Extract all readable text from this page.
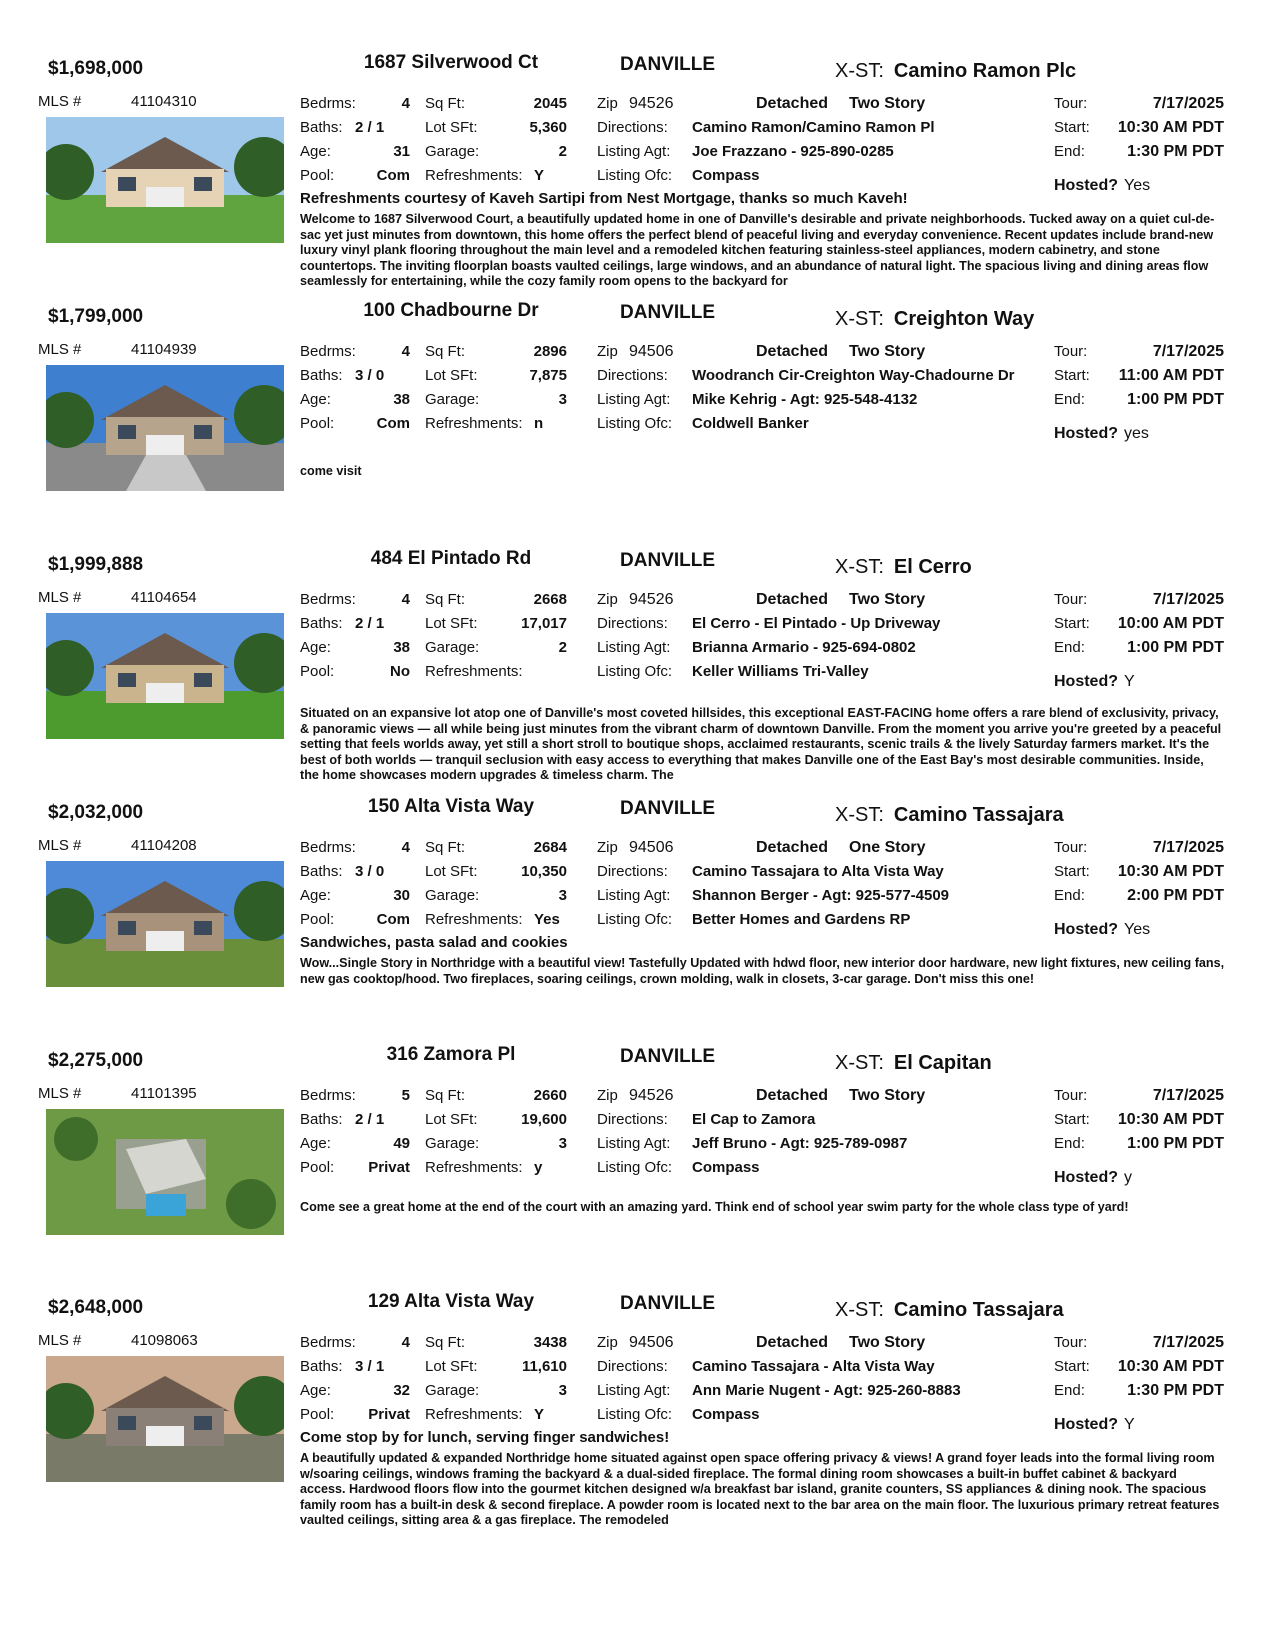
$1,698,000	1687 Silverwood Ct	DANVILLE	X-ST: Camino Ramon Plc
MLS #	41104310	Bedrms:	4
Baths: 2 / 1
Age:	31
Pool:	Com
Sq Ft:	2045
Lot SFt:	5,360
Garage:	2
Refreshments: Y
Zip 94526	Detached Two Story
Directions: Camino Ramon/Camino Ramon Pl
Listing Agt: Joe Frazzano - 925-890-0285
Listing Ofc: Compass
Tour:	7/17/2025
Start:	10:30 AM PDT
End:	1:30 PM PDT
Hosted? Yes
Refreshments courtesy of Kaveh Sartipi from Nest Mortgage, thanks so much Kaveh!
Welcome to 1687 Silverwood Court, a beautifully updated home in one of Danville's desirable and private neighborhoods. Tucked away on a quiet cul-de-sac yet just minutes from downtown, this home offers the perfect blend of peaceful living and everyday convenience. Recent updates include brand-new luxury vinyl plank flooring throughout the main level and a remodeled kitchen featuring stainless-steel appliances, modern cabinetry, and stone countertops. The inviting floorplan boasts vaulted ceilings, large windows, and an abundance of natural light. The spacious living and dining areas flow seamlessly for entertaining, while the cozy family room opens to the backyard for
$1,799,000	100 Chadbourne Dr	DANVILLE	X-ST: Creighton Way
MLS #	41104939	Bedrms:	4
Baths: 3 / 0
Age:	38
Pool:	Com
Sq Ft:	2896
Lot SFt:	7,875
Garage:	3
Refreshments: n
Zip 94506	Detached Two Story
Directions: Woodranch Cir-Creighton Way-Chadourne Dr
Listing Agt: Mike Kehrig - Agt: 925-548-4132
Listing Ofc: Coldwell Banker
Tour:	7/17/2025
Start:	11:00 AM PDT
End:	1:00 PM PDT
Hosted? yes
come visit
$1,999,888	484 El Pintado Rd	DANVILLE	X-ST: El Cerro
MLS #	41104654	Bedrms:	4
Baths: 2 / 1
Age:	38
Pool:	No
Sq Ft:	2668
Lot SFt:	17,017
Garage:	2
Refreshments:
Zip 94526	Detached Two Story
Directions: El Cerro - El Pintado - Up Driveway
Listing Agt: Brianna Armario - 925-694-0802
Listing Ofc: Keller Williams Tri-Valley
Tour:	7/17/2025
Start:	10:00 AM PDT
End:	1:00 PM PDT
Hosted? Y
Situated on an expansive lot atop one of Danville's most coveted hillsides, this exceptional EAST-FACING home offers a rare blend of exclusivity, privacy, & panoramic views — all while being just minutes from the vibrant charm of downtown Danville. From the moment you arrive you're greeted by a peaceful setting that feels worlds away, yet still a short stroll to boutique shops, acclaimed restaurants, scenic trails & the lively Saturday farmers market. It's the best of both worlds — tranquil seclusion with easy access to everything that makes Danville one of the East Bay's most desirable communities. Inside, the home showcases modern upgrades & timeless charm. The
$2,032,000	150 Alta Vista Way	DANVILLE	X-ST: Camino Tassajara
MLS #	41104208	Bedrms:	4
Baths: 3 / 0
Age:	30
Pool:	Com
Sq Ft:	2684
Lot SFt:	10,350
Garage:	3
Refreshments: Yes
Zip 94506	Detached One Story
Directions: Camino Tassajara to Alta Vista Way
Listing Agt: Shannon Berger - Agt: 925-577-4509
Listing Ofc: Better Homes and Gardens RP
Tour:	7/17/2025
Start:	10:30 AM PDT
End:	2:00 PM PDT
Hosted? Yes
Sandwiches, pasta salad and cookies
Wow...Single Story in Northridge with a beautiful view! Tastefully Updated with hdwd floor, new interior door hardware, new light fixtures, new ceiling fans, new gas cooktop/hood. Two fireplaces, soaring ceilings, crown molding, walk in closets, 3-car garage. Don't miss this one!
$2,275,000	316 Zamora Pl	DANVILLE	X-ST: El Capitan
MLS #	41101395	Bedrms:	5
Baths: 2 / 1
Age:	49
Pool:	Privat
Sq Ft:	2660
Lot SFt:	19,600
Garage:	3
Refreshments: y
Zip 94526	Detached Two Story
Directions: El Cap to Zamora
Listing Agt: Jeff Bruno - Agt: 925-789-0987
Listing Ofc: Compass
Tour:	7/17/2025
Start:	10:30 AM PDT
End:	1:00 PM PDT
Hosted? y
Come see a great home at the end of the court with an amazing yard. Think end of school year swim party for the whole class type of yard!
$2,648,000	129 Alta Vista Way	DANVILLE	X-ST: Camino Tassajara
MLS #	41098063	Bedrms:	4
Baths: 3 / 1
Age:	32
Pool:	Privat
Sq Ft:	3438
Lot SFt:	11,610
Garage:	3
Refreshments: Y
Zip 94506	Detached Two Story
Directions: Camino Tassajara - Alta Vista Way
Listing Agt: Ann Marie Nugent - Agt: 925-260-8883
Listing Ofc: Compass
Tour:	7/17/2025
Start:	10:30 AM PDT
End:	1:30 PM PDT
Hosted? Y
Come stop by for lunch, serving finger sandwiches!
A beautifully updated & expanded Northridge home situated against open space offering privacy & views! A grand foyer leads into the formal living room w/soaring ceilings, windows framing the backyard & a dual-sided fireplace. The formal dining room showcases a built-in buffet cabinet & backyard access. Hardwood floors flow into the gourmet kitchen designed w/a breakfast bar island, granite counters, SS appliances & dining nook. The spacious family room has a built-in desk & second fireplace. A powder room is located next to the bar area on the main floor. The luxurious primary retreat features vaulted ceilings, sitting area & a gas fireplace. The remodeled
